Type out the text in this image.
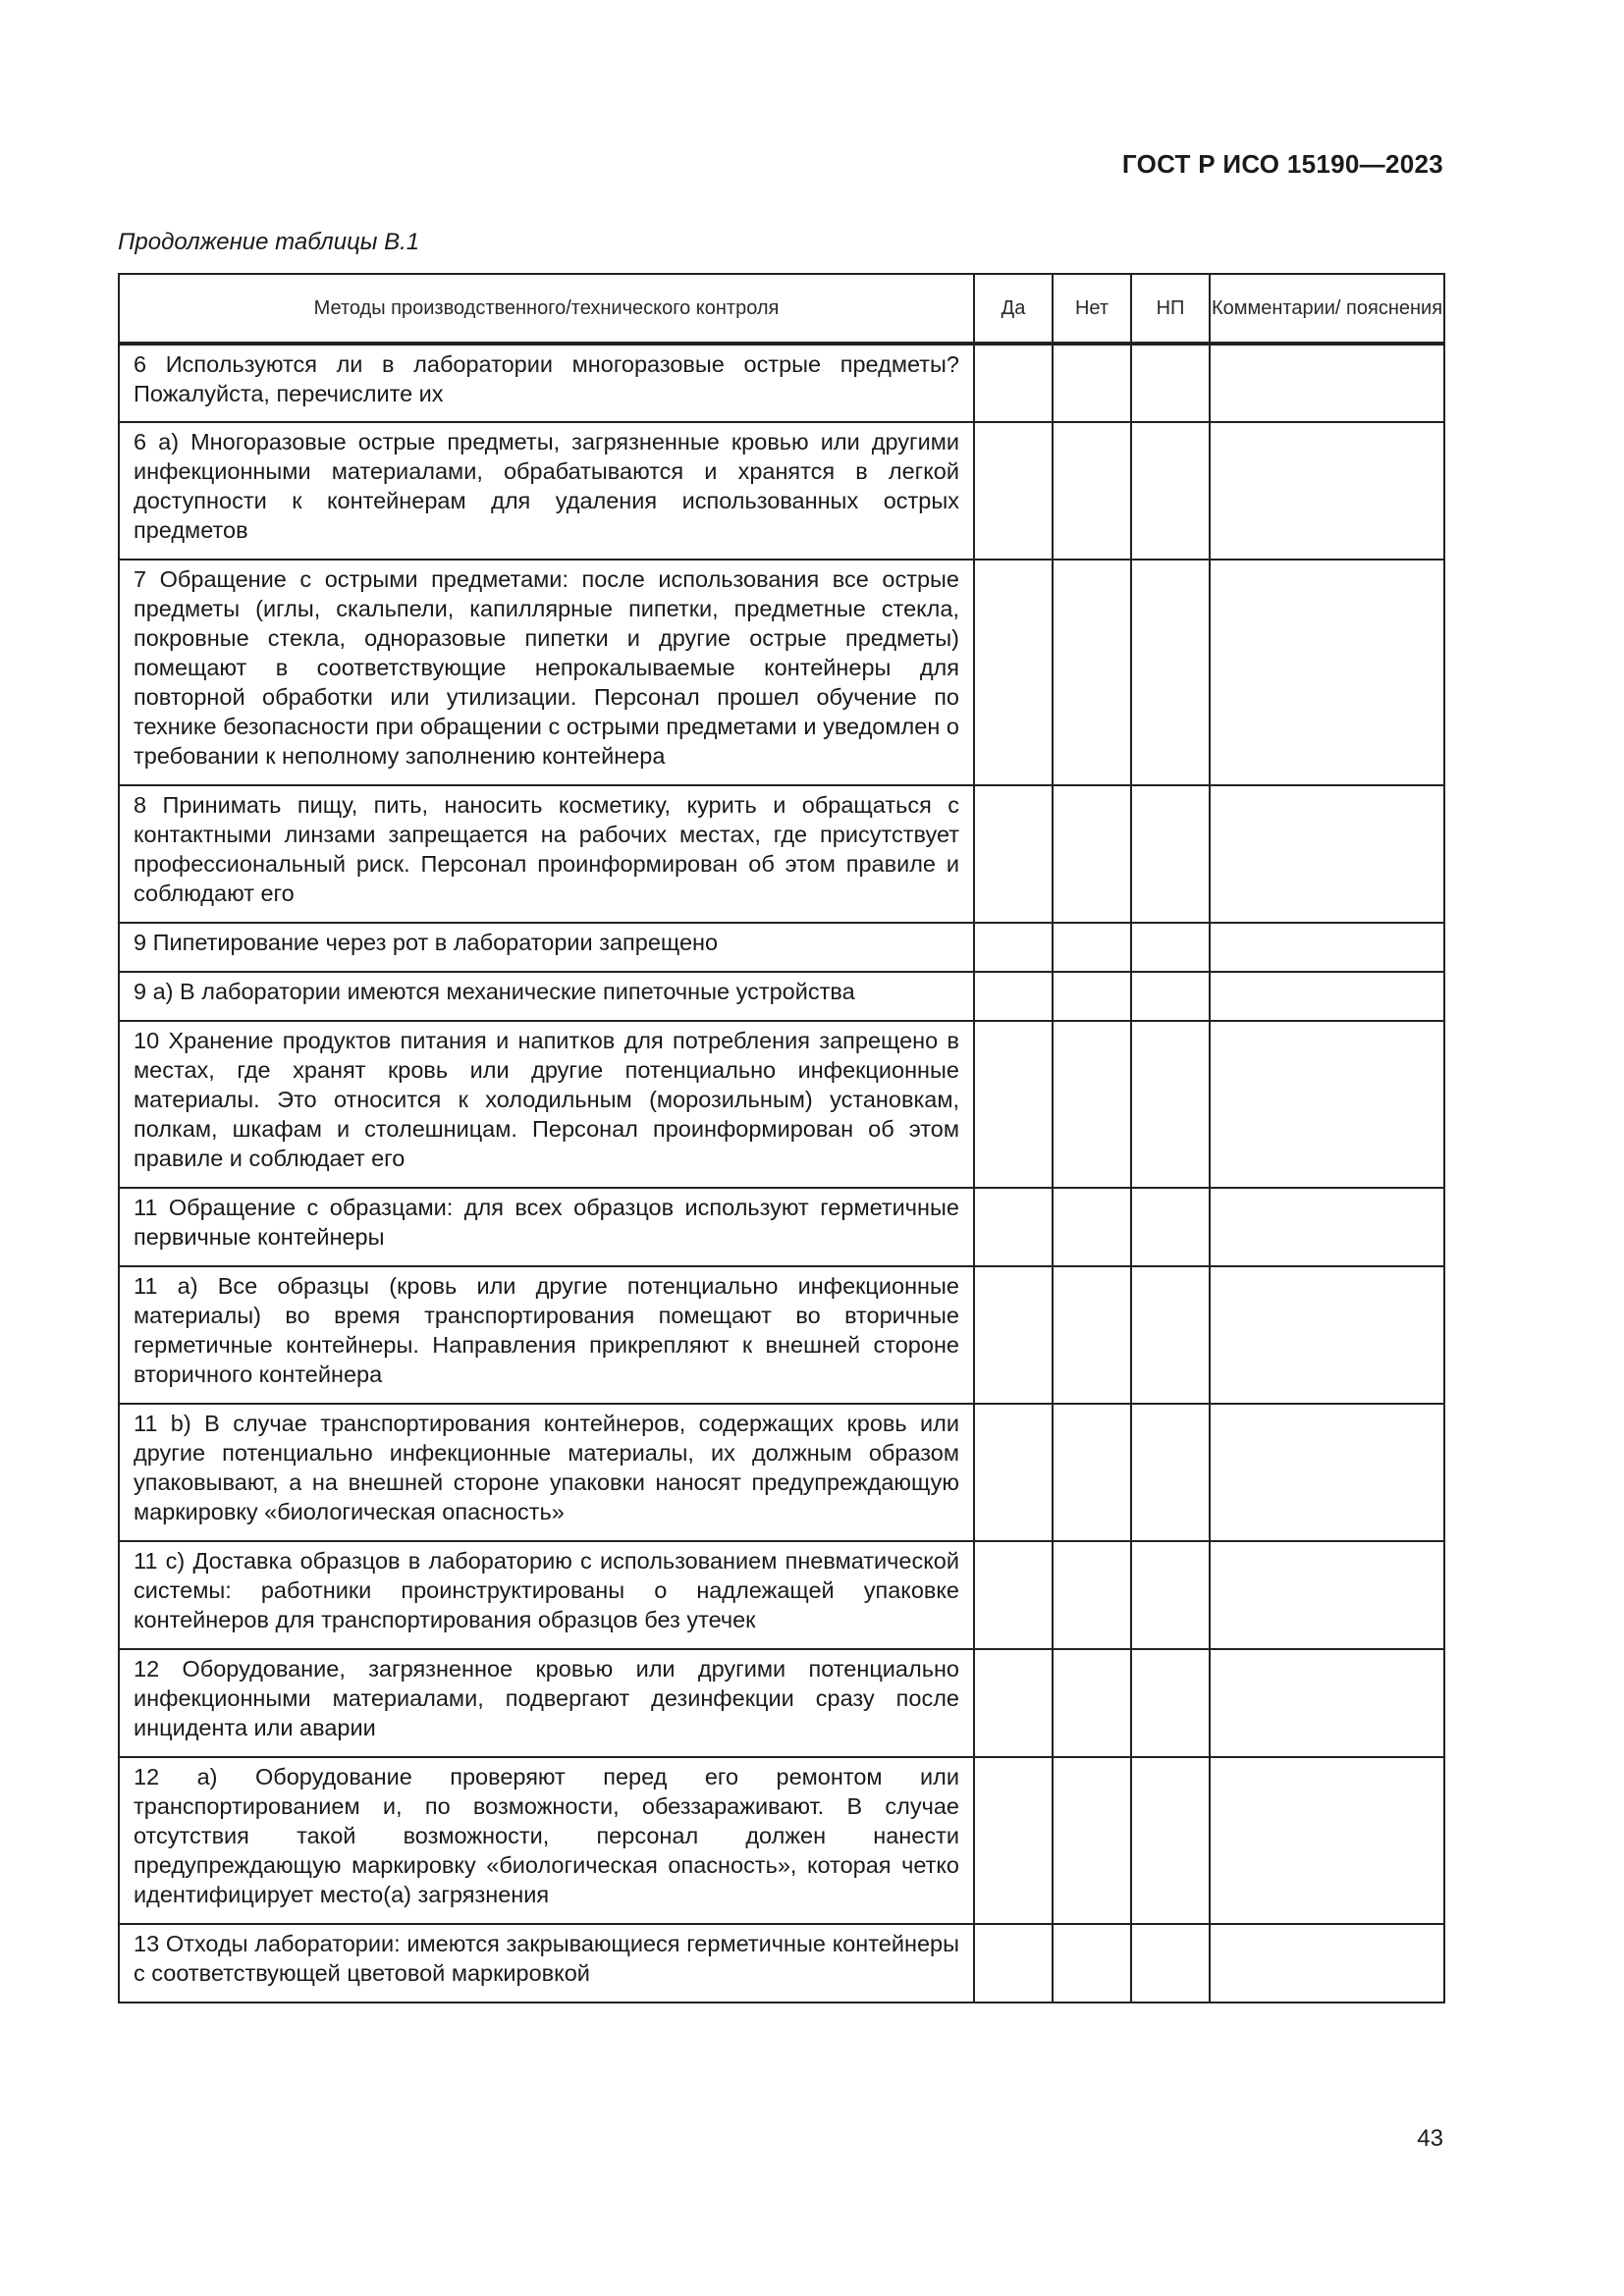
ГОСТ Р ИСО 15190—2023
Продолжение таблицы В.1
Методы производственного/технического контроля	Да	Нет	НП	Комментарии/ пояснения

6 Используются ли в лаборатории многоразовые острые предметы? Пожалуйста, перечислите их				

6 а) Многоразовые острые предметы, загрязненные кровью или другими инфекционными материалами, обрабатываются и хранятся в легкой доступности к контейнерам для удаления использованных острых предметов				

7 Обращение с острыми предметами: после использования все острые предметы (иглы, скальпели, капиллярные пипетки, предметные стекла, покровные стекла, одноразовые пипетки и другие острые предметы) помещают в соответствующие непрокалываемые контейнеры для повторной обработки или утилизации. Персонал прошел обучение по технике безопасности при обращении с острыми предметами и уведомлен о требовании к неполному заполнению контейнера				

8 Принимать пищу, пить, наносить косметику, курить и обращаться с контактными линзами запрещается на рабочих местах, где присутствует профессиональный риск. Персонал проинформирован об этом правиле и соблюдают его				

9 Пипетирование через рот в лаборатории запрещено				

9 а) В лаборатории имеются механические пипеточные устройства				

10 Хранение продуктов питания и напитков для потребления запрещено в местах, где хранят кровь или другие потенциально инфекционные материалы. Это относится к холодильным (морозильным) установкам, полкам, шкафам и столешницам. Персонал проинформирован об этом правиле и соблюдает его				

11 Обращение с образцами: для всех образцов используют герметичные первичные контейнеры				

11 а) Все образцы (кровь или другие потенциально инфекционные материалы) во время транспортирования помещают во вторичные герметичные контейнеры. Направления прикрепляют к внешней стороне вторичного контейнера				

11 b) В случае транспортирования контейнеров, содержащих кровь или другие потенциально инфекционные материалы, их должным образом упаковывают, а на внешней стороне упаковки наносят предупреждающую маркировку «биологическая опасность»				

11 с) Доставка образцов в лабораторию с использованием пневматической системы: работники проинструктированы о надлежащей упаковке контейнеров для транспортирования образцов без утечек				

12 Оборудование, загрязненное кровью или другими потенциально инфекционными материалами, подвергают дезинфекции сразу после инцидента или аварии				

12 а) Оборудование проверяют перед его ремонтом или транспортированием и, по возможности, обеззараживают. В случае отсутствия такой возможности, персонал должен нанести предупреждающую маркировку «биологическая опасность», которая четко идентифицирует место(а) загрязнения				

13 Отходы лаборатории: имеются закрывающиеся герметичные контейнеры с соответствующей цветовой маркировкой				

43
